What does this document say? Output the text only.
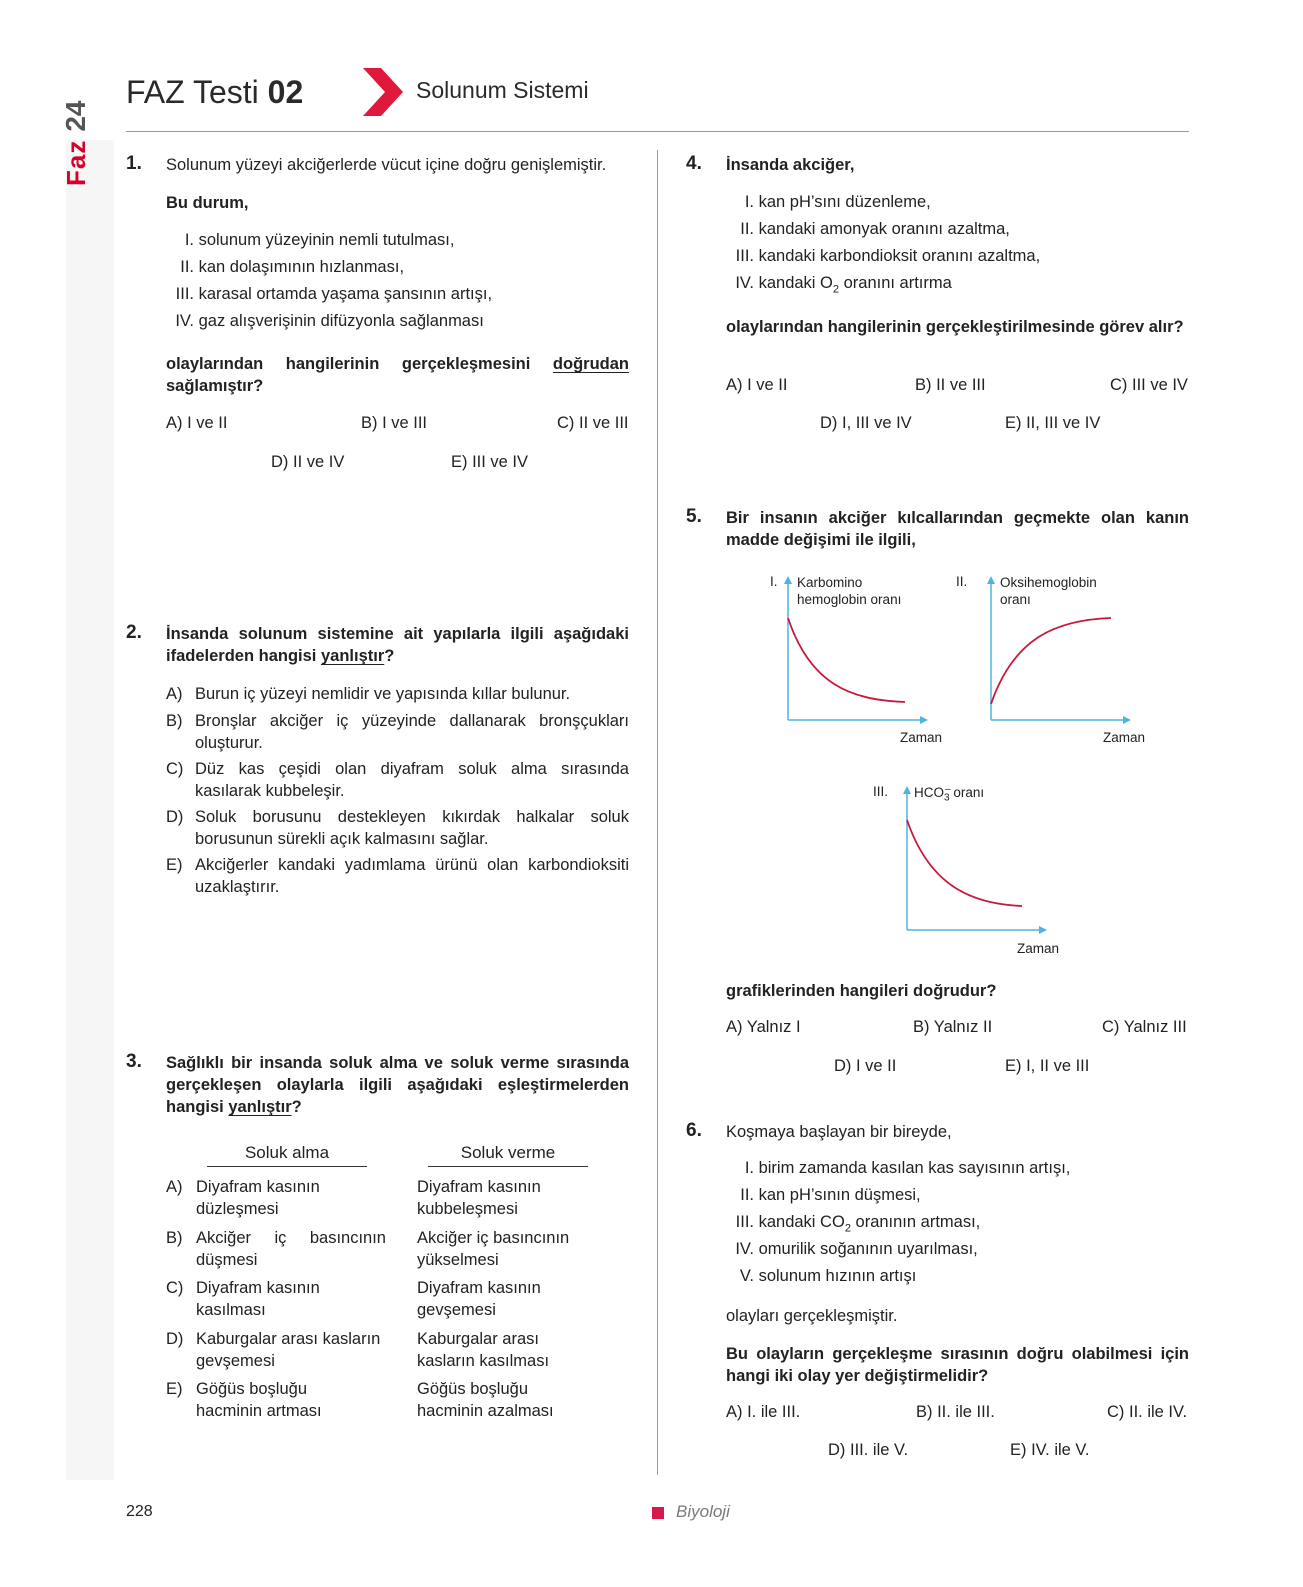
FAZ Testi 02	Solunum Sistemi
Faz24
1. Solunum yüzeyi akciğerlerde vücut içine doğru genişlemiştir.
Bu durum,
I. solunum yüzeyinin nemli tutulması,
II. kan dolaşımının hızlanması,
III. karasal ortamda yaşama şansının artışı,
IV. gaz alışverişinin difüzyonla sağlanması
olaylarından hangilerinin gerçekleşmesini doğrudan sağlamıştır?
A) I ve II	B) I ve III	C) II ve III
D) II ve IV	E) III ve IV
2. İnsanda solunum sistemine ait yapılarla ilgili aşağıdaki ifadelerden hangisi yanlıştır?
A) Burun iç yüzeyi nemlidir ve yapısında kıllar bulunur.
B) Bronşlar akciğer iç yüzeyinde dallanarak bronşçukları oluşturur.
C) Düz kas çeşidi olan diyafram soluk alma sırasında kasılarak kubbeleşir.
D) Soluk borusunu destekleyen kıkırdak halkalar soluk borusunun sürekli açık kalmasını sağlar.
E) Akciğerler kandaki yadımlama ürünü olan karbondioksiti uzaklaştırır.
3. Sağlıklı bir insanda soluk alma ve soluk verme sırasında gerçekleşen olaylarla ilgili aşağıdaki eşleştirmelerden hangisi yanlıştır?
Soluk alma	Soluk verme
A) Diyafram kasının düzleşmesi
Diyafram kasının kubbeleşmesi
B) Akciğer iç basıncının düşmesi
Akciğer iç basıncının yükselmesi
C) Diyafram kasının kasılması
Diyafram kasının gevşemesi
D) Kaburgalar arası kasların gevşemesi
Kaburgalar arası kasların kasılması
E) Göğüs boşluğu hacminin artması
Göğüs boşluğu hacminin azalması
4. İnsanda akciğer,
I. kan pH’sını düzenleme,
II. kandaki amonyak oranını azaltma,
III. kandaki karbondioksit oranını azaltma,
IV. kandaki $O_2$ oranını artırma
olaylarından hangilerinin gerçekleştirilmesinde görev alır?
A) I ve II	B) II ve III	C) III ve IV
D) I, III ve IV	E) II, III ve IV
5. Bir insanın akciğer kılcallarından geçmekte olan kanın madde değişimi ile ilgili,
I. Karbomino
hemoglobin oranı
Zaman
II. Oksihemoglobin
oranı
Zaman
III. $HCO_3$
– oranı
Zaman
grafiklerinden hangileri doğrudur?
A) Yalnız I	B) Yalnız II	C) Yalnız III
D) I ve II	E) I, II ve III
6. Koşmaya başlayan bir bireyde,
I. birim zamanda kasılan kas sayısının artışı,
II. kan pH’sının düşmesi,
III. kandaki $CO_2$ oranının artması,
IV. omurilik soğanının uyarılması,
V. solunum hızının artışı
olayları gerçekleşmiştir.
Bu olayların gerçekleşme sırasının doğru olabilmesi için hangi iki olay yer değiştirmelidir?
A) I. ile III.	B) II. ile III.	C) II. ile IV.
D) III. ile V.	E) IV. ile V.
228	Biyoloji
